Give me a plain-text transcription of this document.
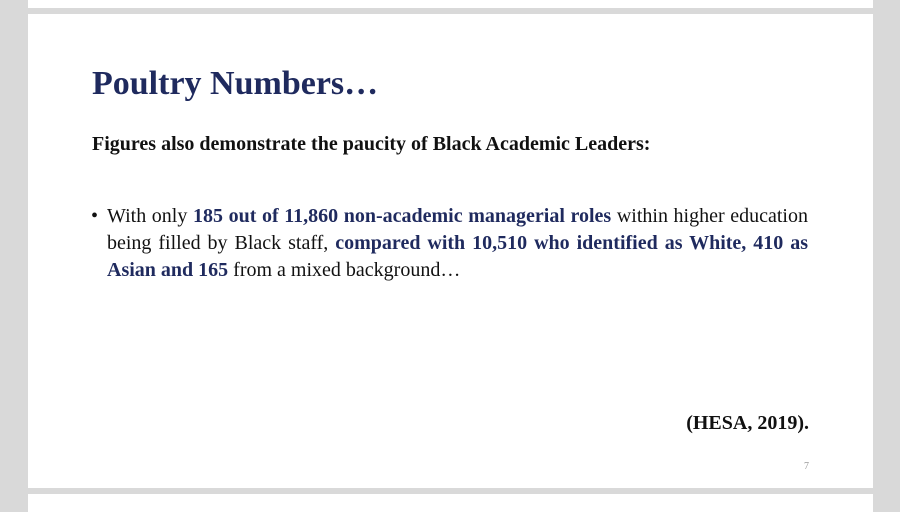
Poultry Numbers…

Figures also demonstrate the paucity of Black Academic Leaders:

• With only 185 out of 11,860 non-academic managerial roles within higher education being filled by Black staff, compared with 10,510 who identified as White, 410 as Asian and 165 from a mixed background…

(HESA, 2019).

7
